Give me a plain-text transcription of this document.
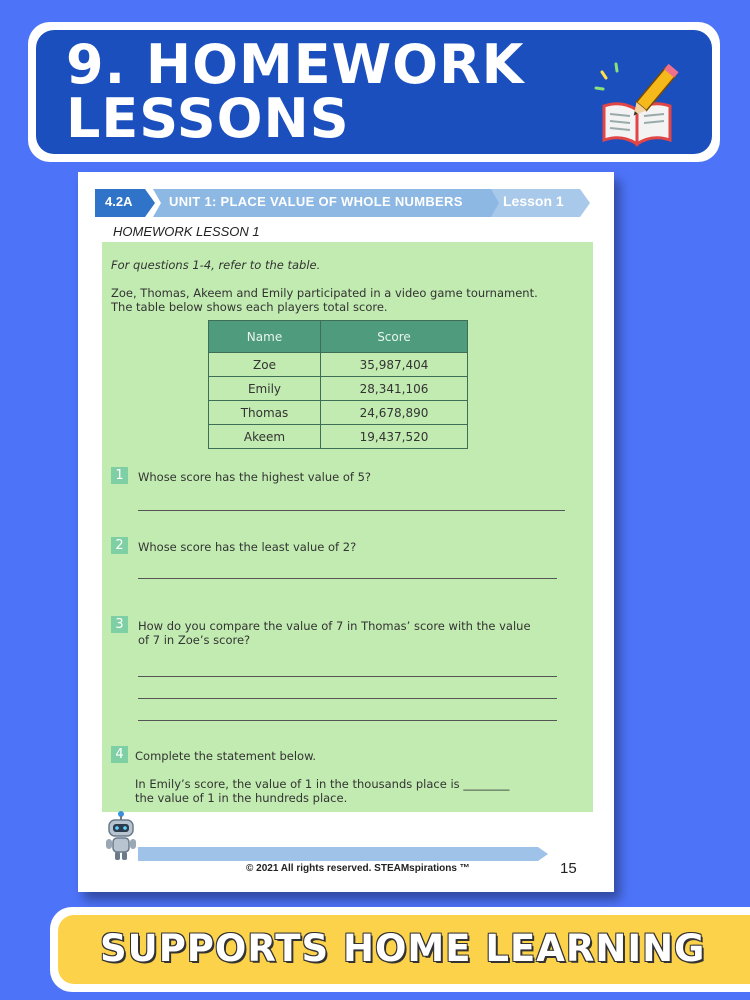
9. HOMEWORK
LESSONS
4.2A	UNIT 1: PLACE VALUE OF WHOLE NUMBERS	Lesson 1
HOMEWORK LESSON 1
For questions 1-4, refer to the table.
Zoe, Thomas, Akeem and Emily participated in a video game tournament.
The table below shows each players total score.
Name	Score
Zoe	35,987,404
Emily	28,341,106
Thomas	24,678,890
Akeem	19,437,520
1	Whose score has the highest value of 5?
2	Whose score has the least value of 2?
3	How do you compare the value of 7 in Thomas’ score with the value
of 7 in Zoe’s score?
4 Complete the statement below.
In Emily’s score, the value of 1 in the thousands place is ________
the value of 1 in the hundreds place.
© 2021 All rights reserved. STEAMspirations ™	15

SUPPORTS HOME LEARNING
